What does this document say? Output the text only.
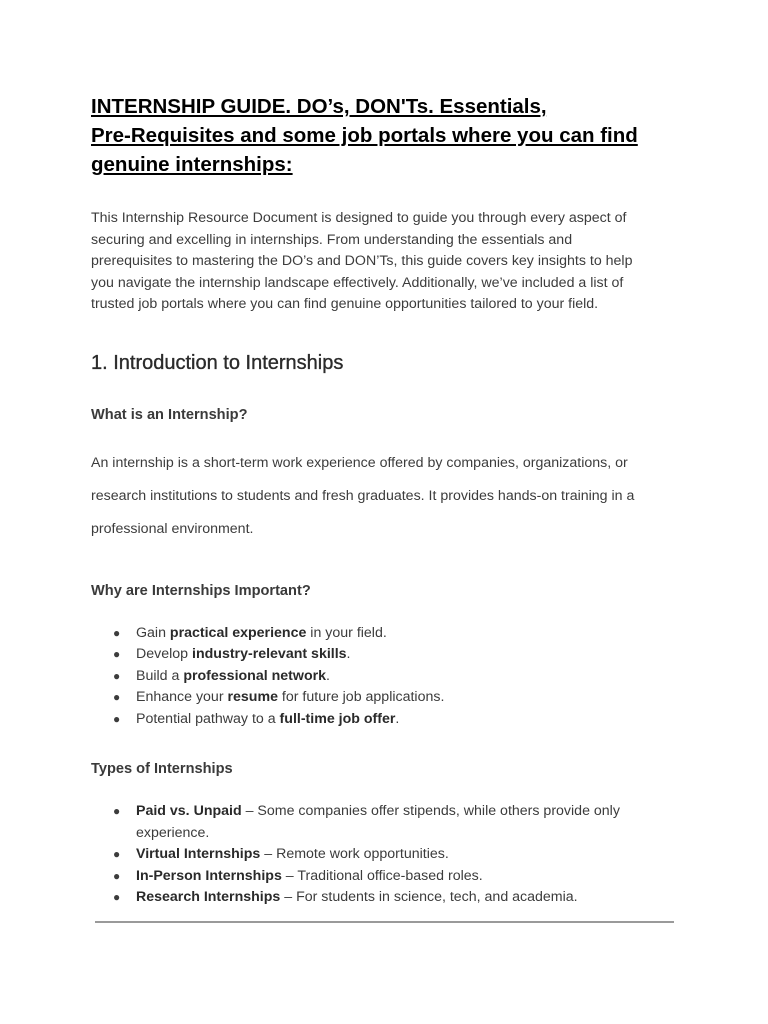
INTERNSHIP GUIDE. DO’s, DON'Ts. Essentials,
Pre-Requisites and some job portals where you can find
genuine internships:

This Internship Resource Document is designed to guide you through every aspect of
securing and excelling in internships. From understanding the essentials and
prerequisites to mastering the DO’s and DON’Ts, this guide covers key insights to help
you navigate the internship landscape effectively. Additionally, we’ve included a list of
trusted job portals where you can find genuine opportunities tailored to your field.

1. Introduction to Internships
What is an Internship?

An internship is a short-term work experience offered by companies, organizations, or
research institutions to students and fresh graduates. It provides hands-on training in a
professional environment.

Why are Internships Important?
● Gain practical experience in your field.
● Develop industry-relevant skills.
● Build a professional network.
● Enhance your resume for future job applications.
● Potential pathway to a full-time job offer.
Types of Internships
● Paid vs. Unpaid – Some companies offer stipends, while others provide only
experience.
● Virtual Internships – Remote work opportunities.
● In-Person Internships – Traditional office-based roles.
● Research Internships – For students in science, tech, and academia.
